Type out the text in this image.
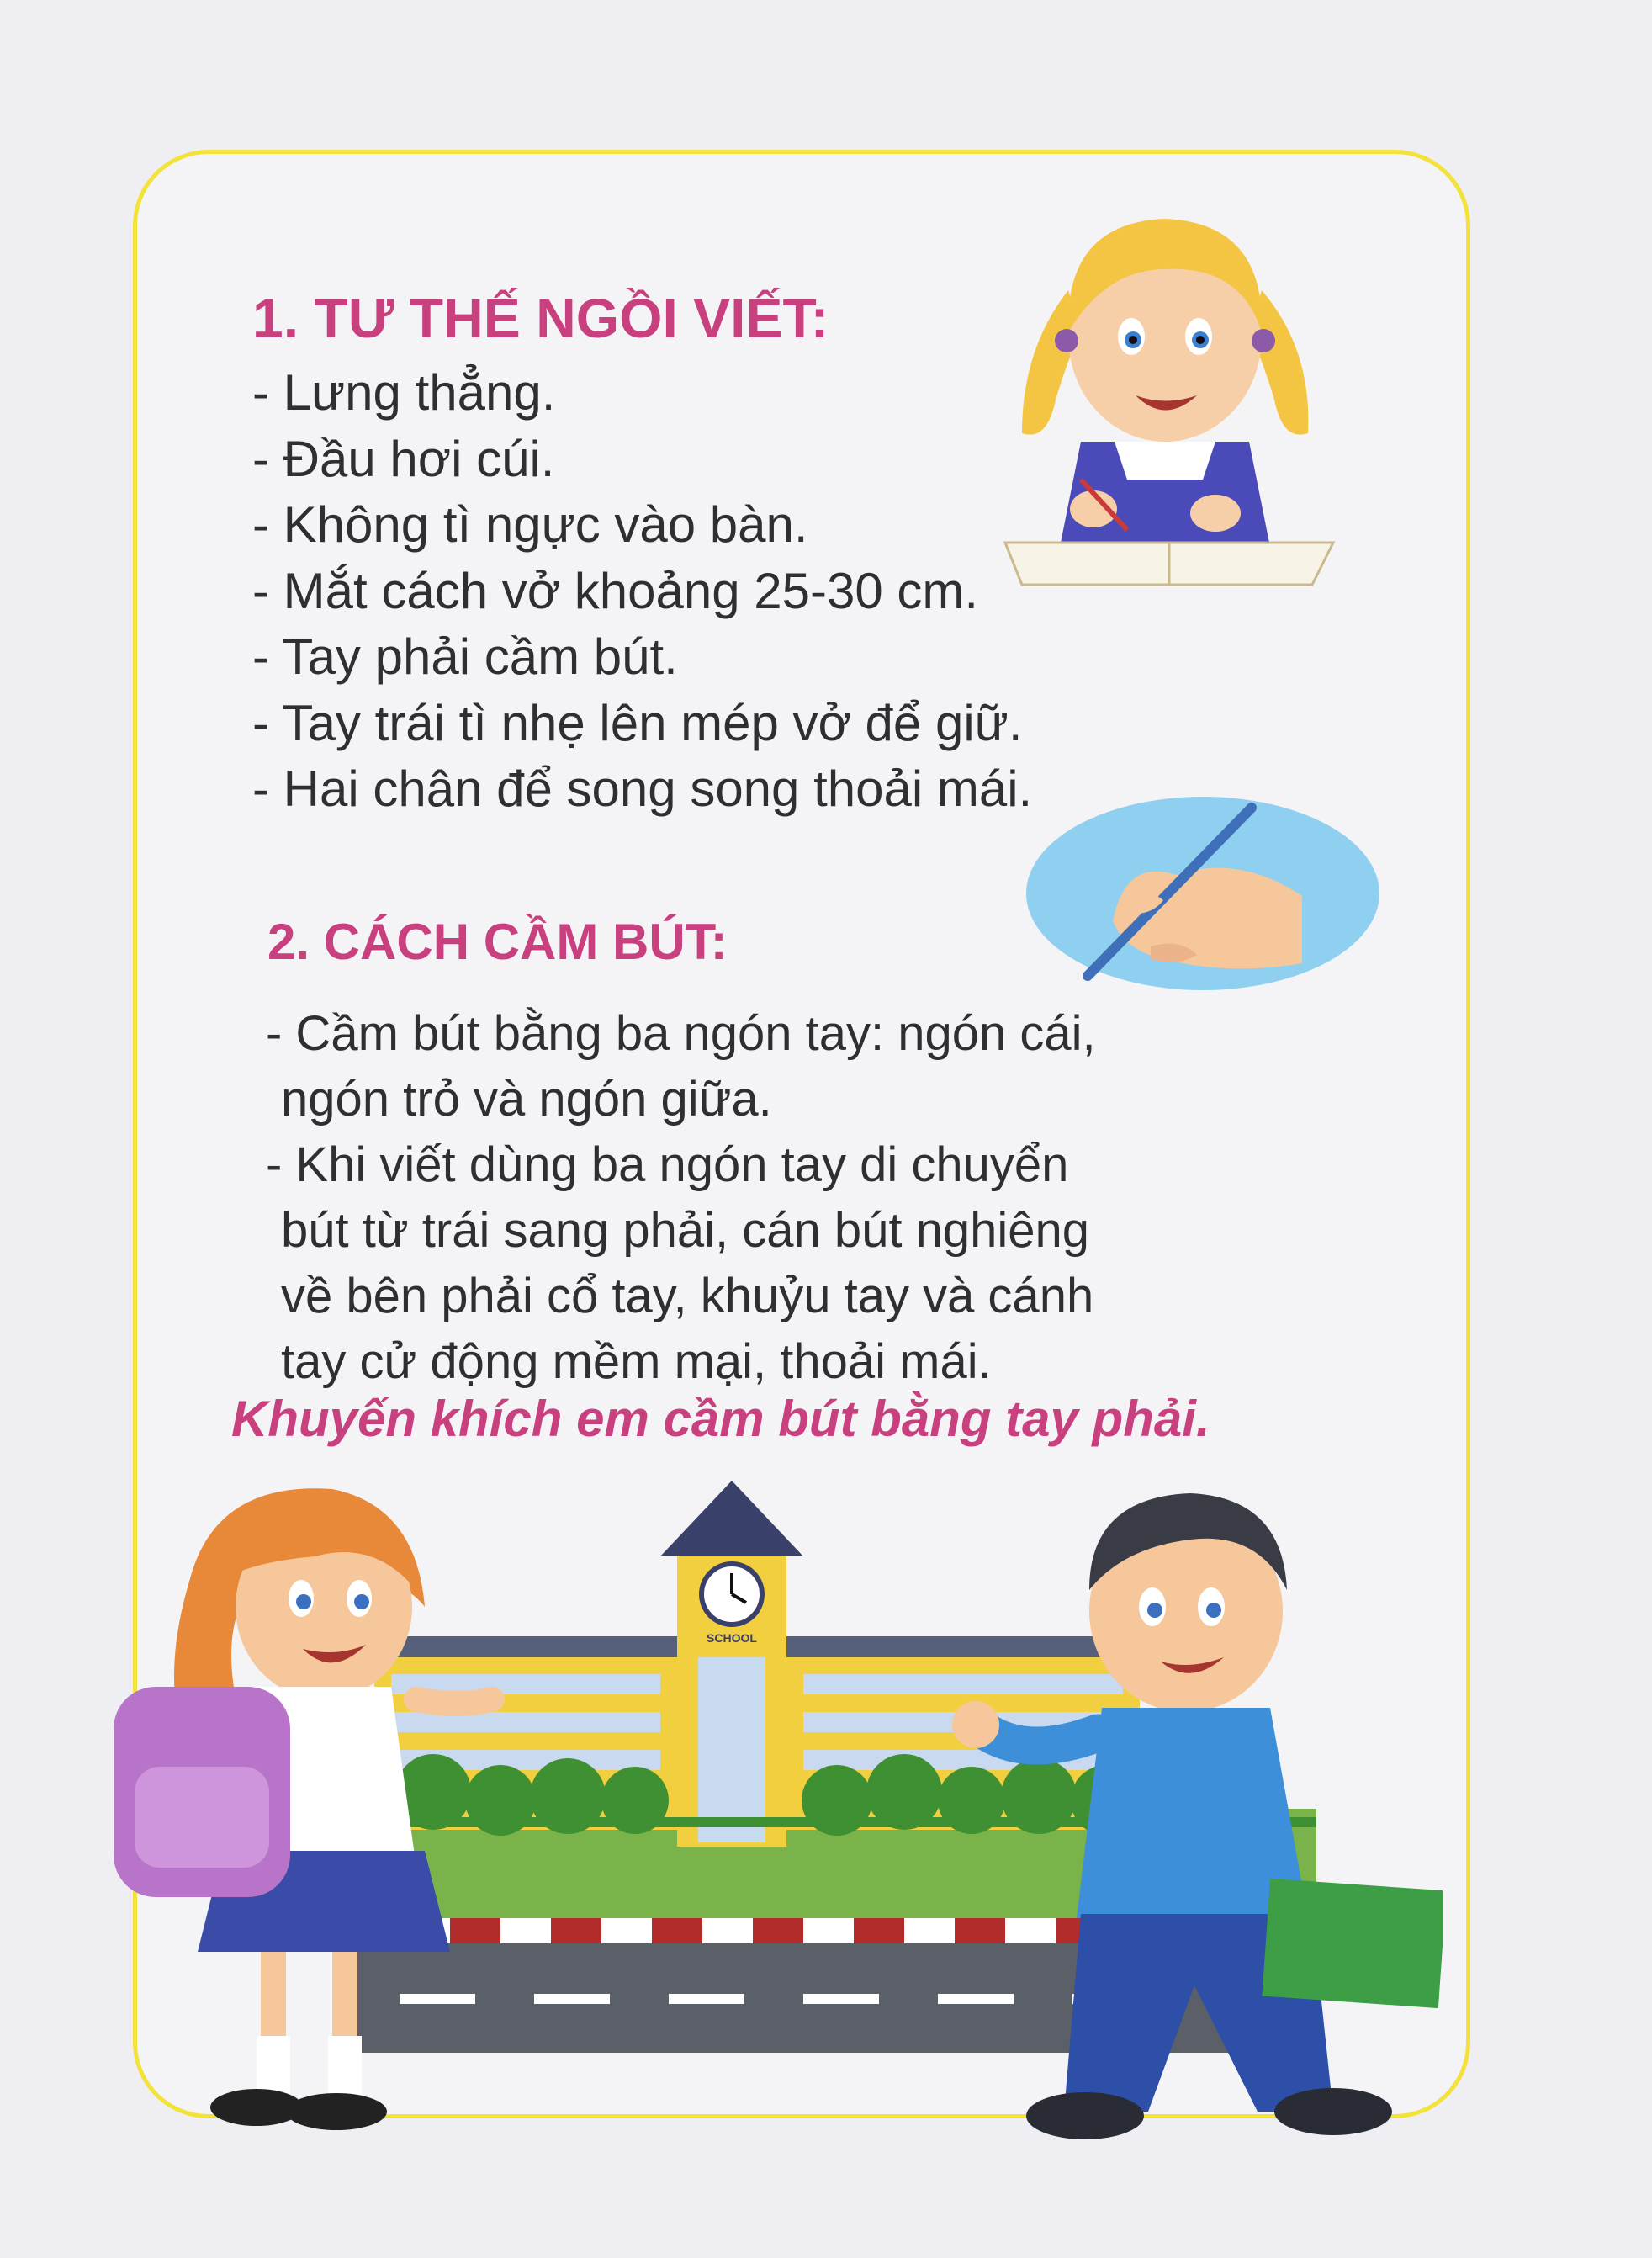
1. TƯ THẾ NGỒI VIẾT:
- Lưng thẳng.
- Đầu hơi cúi.
- Không tì ngực vào bàn.
- Mắt cách vở khoảng 25-30 cm.
- Tay phải cầm bút.
- Tay trái tì nhẹ lên mép vở để giữ.
- Hai chân để song song thoải mái.
2. CÁCH CẦM BÚT:
- Cầm bút bằng ba ngón tay: ngón cái,
ngón trỏ và ngón giữa.
- Khi viết dùng ba ngón tay di chuyển
bút từ trái sang phải, cán bút nghiêng
về bên phải cổ tay, khuỷu tay và cánh
tay cử động mềm mại, thoải mái.

Khuyến khích em cầm bút bằng tay phải.

SCHOOL
